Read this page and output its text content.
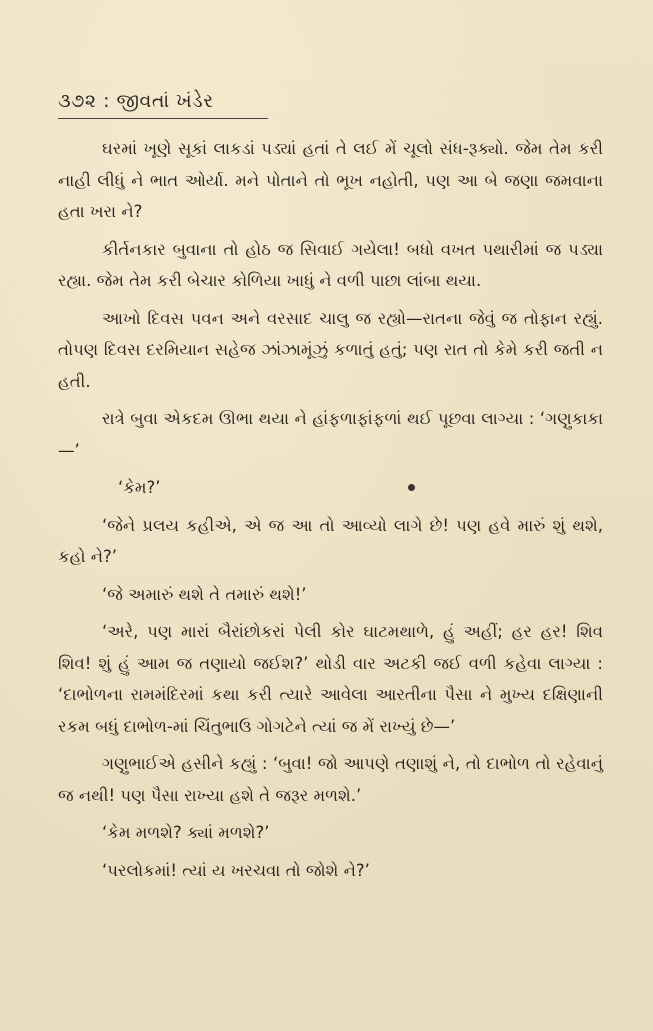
૩૭૨ : જીવતાં ખંડેર

ઘરમાં ખૂણે સૂકાં લાકડાં પડ્યાં હતાં તે લઈ મેં ચૂલો સંધ-રૂક્યો. જેમ તેમ કરી નાહી લીધું ને ભાત ઓર્યા. મને પોતાને તો ભૂખ નહોતી, પણ આ બે જણા જમવાના હતા ખરા ને?

કીર્તનકાર બુવાના તો હોઠ જ સિવાઈ ગયેલા! બધો વખત પથારીમાં જ પડ્યા રહ્યા. જેમ તેમ કરી બેચાર કોળિયા ખાધું ને વળી પાછા લાંબા થયા.

આખો દિવસ પવન અને વરસાદ ચાલુ જ રહ્યો—રાતના જેવું જ તોફાન રહ્યું. તોપણ દિવસ દરમિયાન સહેજ ઝાંઝામૂંઝું કળાતું હતું; પણ રાત તો કેમે કરી જતી ન હતી.

રાત્રે બુવા એકદમ ઊભા થયા ને હાંફળાફાંફળાં થઈ પૂછવા લાગ્યા : ‘ગણુકાકા—’

‘કેમ?’

‘જેને પ્રલય કહીએ, એ જ આ તો આવ્યો લાગે છે! પણ હવે મારું શું થશે, કહો ને?’

‘જે અમારું થશે તે તમારું થશે!’

‘અરે, પણ મારાં બૈરાંછોકરાં પેલી કોર ઘાટમથાળે, હું અહીં; હર હર! શિવ શિવ! શું હું આમ જ તણાયો જઈશ?’ થોડી વાર અટકી જઈ વળી કહેવા લાગ્યા : ‘દાભોળના રામમંદિરમાં કથા કરી ત્યારે આવેલા આરતીના પૈસા ને મુખ્ય દક્ષિણાની રકમ બધું દાભોળ-માં ચિંતુભાઉ ગોગટેને ત્યાં જ મેં રાખ્યું છે—’

ગણુભાઈએ હસીને કહ્યું : ‘બુવા! જો આપણે તણાશું ને, તો દાભોળ તો રહેવાનું જ નથી! પણ પૈસા રાખ્યા હશે તે જરૂર મળશે.’

‘કેમ મળશે? ક્યાં મળશે?’

‘પરલોકમાં! ત્યાં ય ખરચવા તો જોશે ને?’
